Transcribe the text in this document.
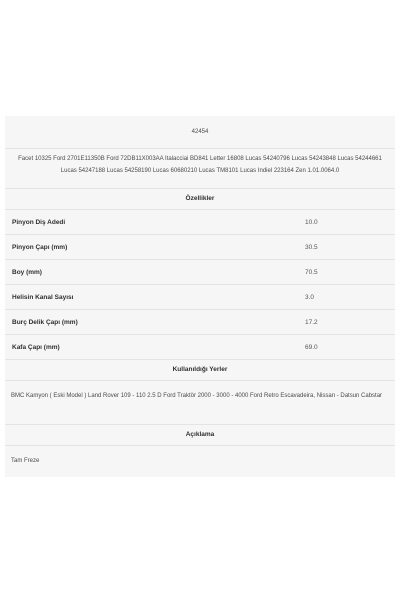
42454
Facet 10325 Ford 2701E11350B Ford 72DB11X003AA Italacciai BD841 Letter 16808 Lucas 54240796 Lucas 54243848 Lucas 54244661 Lucas 54247188 Lucas 54258190 Lucas 60680210 Lucas TM8101 Lucas Indiel 223164 Zen 1.01.0064.0
Özellikler
Pinyon Diş Adedi	10.0
Pinyon Çapı (mm)	30.5
Boy (mm)	70.5
Helisin Kanal Sayısı	3.0
Burç Delik Çapı (mm)	17.2
Kafa Çapı (mm)	69.0
Kullanıldığı Yerler
BMC Kamyon ( Eski Model ) Land Rover 109 - 110 2.5 D Ford Traktör 2000 - 3000 - 4000 Ford Retro Escavadeira, Nissan - Datsun Cabstar
Açıklama
Tam Freze
